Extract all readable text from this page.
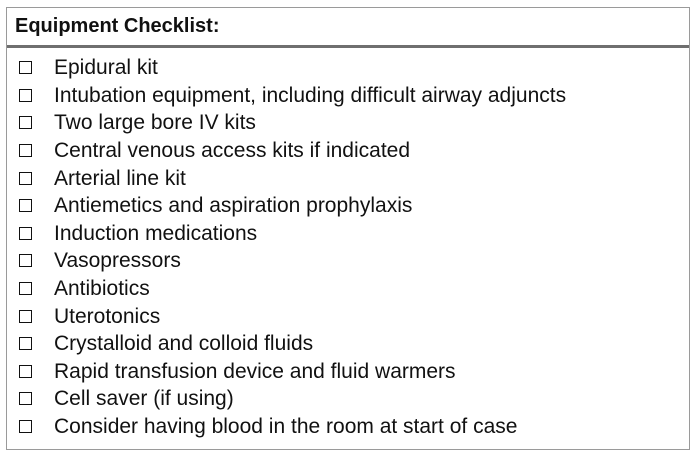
Equipment Checklist:
Epidural kit
Intubation equipment, including difficult airway adjuncts
Two large bore IV kits
Central venous access kits if indicated
Arterial line kit
Antiemetics and aspiration prophylaxis
Induction medications
Vasopressors
Antibiotics
Uterotonics
Crystalloid and colloid fluids
Rapid transfusion device and fluid warmers
Cell saver (if using)
Consider having blood in the room at start of case
